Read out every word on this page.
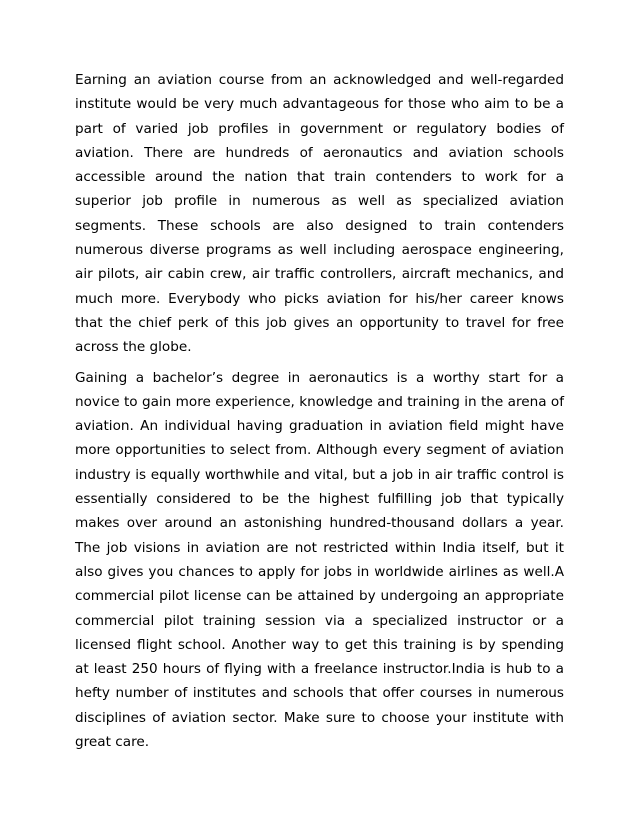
Earning an aviation course from an acknowledged and well-regarded institute would be very much advantageous for those who aim to be a part of varied job profiles in government or regulatory bodies of aviation. There are hundreds of aeronautics and aviation schools accessible around the nation that train contenders to work for a superior job profile in numerous as well as specialized aviation segments. These schools are also designed to train contenders numerous diverse programs as well including aerospace engineering, air pilots, air cabin crew, air traffic controllers, aircraft mechanics, and much more. Everybody who picks aviation for his/her career knows that the chief perk of this job gives an opportunity to travel for free across the globe.

Gaining a bachelor’s degree in aeronautics is a worthy start for a novice to gain more experience, knowledge and training in the arena of aviation. An individual having graduation in aviation field might have more opportunities to select from. Although every segment of aviation industry is equally worthwhile and vital, but a job in air traffic control is essentially considered to be the highest fulfilling job that typically makes over around an astonishing hundred-thousand dollars a year. The job visions in aviation are not restricted within India itself, but it also gives you chances to apply for jobs in worldwide airlines as well.A commercial pilot license can be attained by undergoing an appropriate commercial pilot training session via a specialized instructor or a licensed flight school. Another way to get this training is by spending at least 250 hours of flying with a freelance instructor.India is hub to a hefty number of institutes and schools that offer courses in numerous disciplines of aviation sector. Make sure to choose your institute with great care.
